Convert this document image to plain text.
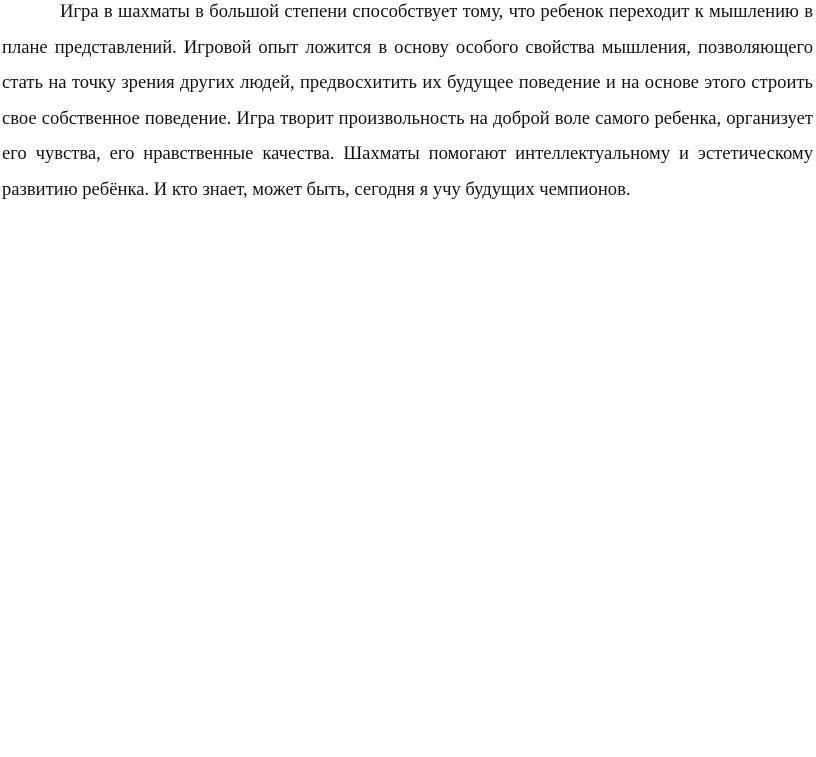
Игра в шахматы в большой степени способствует тому, что ребенок переходит к мышлению в плане представлений. Игровой опыт ложится в основу особого свойства мышления, позволяющего стать на точку зрения других людей, предвосхитить их будущее поведение и на основе этого строить свое собственное поведение. Игра творит произвольность на доброй воле самого ребенка, организует его чувства, его нравственные качества. Шахматы помогают интеллектуальному и эстетическому развитию ребёнка. И кто знает, может быть, сегодня я учу будущих чемпионов.
